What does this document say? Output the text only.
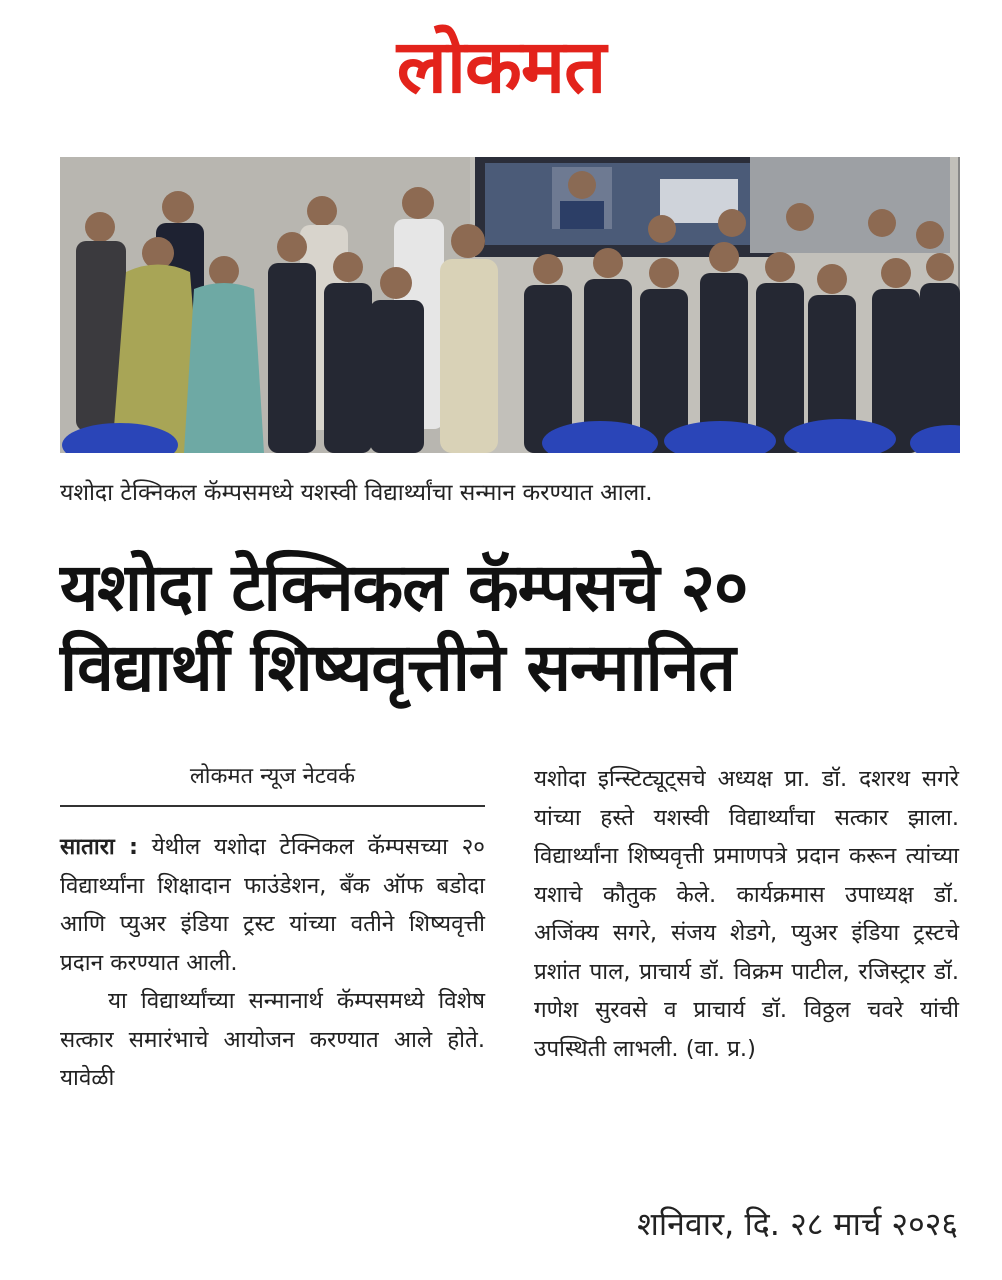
लोकमत
यशोदा टेक्निकल कॅम्पसमध्ये यशस्वी विद्यार्थ्यांचा सन्मान करण्यात आला.
यशोदा टेक्निकल कॅम्पसचे २०
विद्यार्थी शिष्यवृत्तीने सन्मानित
लोकमत न्यूज नेटवर्क

सातारा : येथील यशोदा टेक्निकल कॅम्पसच्या २० विद्यार्थ्यांना शिक्षादान फाउंडेशन, बँक ऑफ बडोदा आणि प्युअर इंडिया ट्रस्ट यांच्या वतीने शिष्यवृत्ती प्रदान करण्यात आली.

या विद्यार्थ्यांच्या सन्मानार्थ कॅम्पसमध्ये विशेष सत्कार समारंभाचे आयोजन करण्यात आले होते. यावेळी

यशोदा इन्स्टिट्यूट्सचे अध्यक्ष प्रा. डॉ. दशरथ सगरे यांच्या हस्ते यशस्वी विद्यार्थ्यांचा सत्कार झाला. विद्यार्थ्यांना शिष्यवृत्ती प्रमाणपत्रे प्रदान करून त्यांच्या यशाचे कौतुक केले. कार्यक्रमास उपाध्यक्ष डॉ. अजिंक्य सगरे, संजय शेडगे, प्युअर इंडिया ट्रस्टचे प्रशांत पाल, प्राचार्य डॉ. विक्रम पाटील, रजिस्ट्रार डॉ. गणेश सुरवसे व प्राचार्य डॉ. विठ्ठल चवरे यांची उपस्थिती लाभली. (वा. प्र.)

शनिवार, दि. २८ मार्च २०२६
